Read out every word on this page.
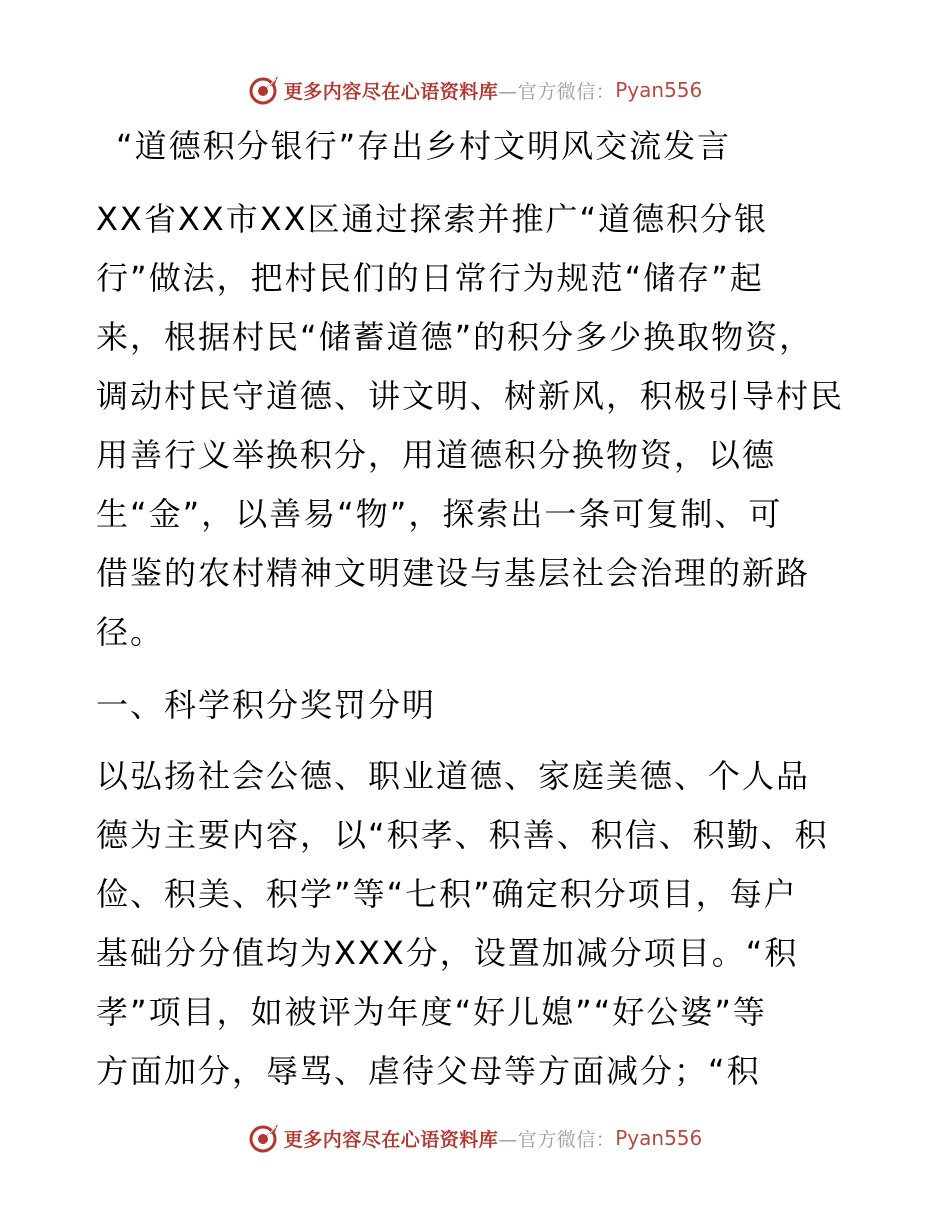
更多内容尽在心语资料库 —官方微信： Pyan556
“道德积分银行”存出乡村文明风交流发言
XX省XX市XX区通过探索并推广“道德积分银
行”做法，把村民们的日常行为规范“储存”起
来，根据村民“储蓄道德”的积分多少换取物资，
调动村民守道德、讲文明、树新风，积极引导村民
用善行义举换积分，用道德积分换物资，以德
生“金”，以善易“物”，探索出一条可复制、可
借鉴的农村精神文明建设与基层社会治理的新路
径。
一、科学积分奖罚分明
以弘扬社会公德、职业道德、家庭美德、个人品
德为主要内容，以“积孝、积善、积信、积勤、积
俭、积美、积学”等“七积”确定积分项目，每户
基础分分值均为XXX分，设置加减分项目。“积
孝”项目，如被评为年度“好儿媳”“好公婆”等
方面加分，辱骂、虐待父母等方面减分；“积
更多内容尽在心语资料库 —官方微信： Pyan556
